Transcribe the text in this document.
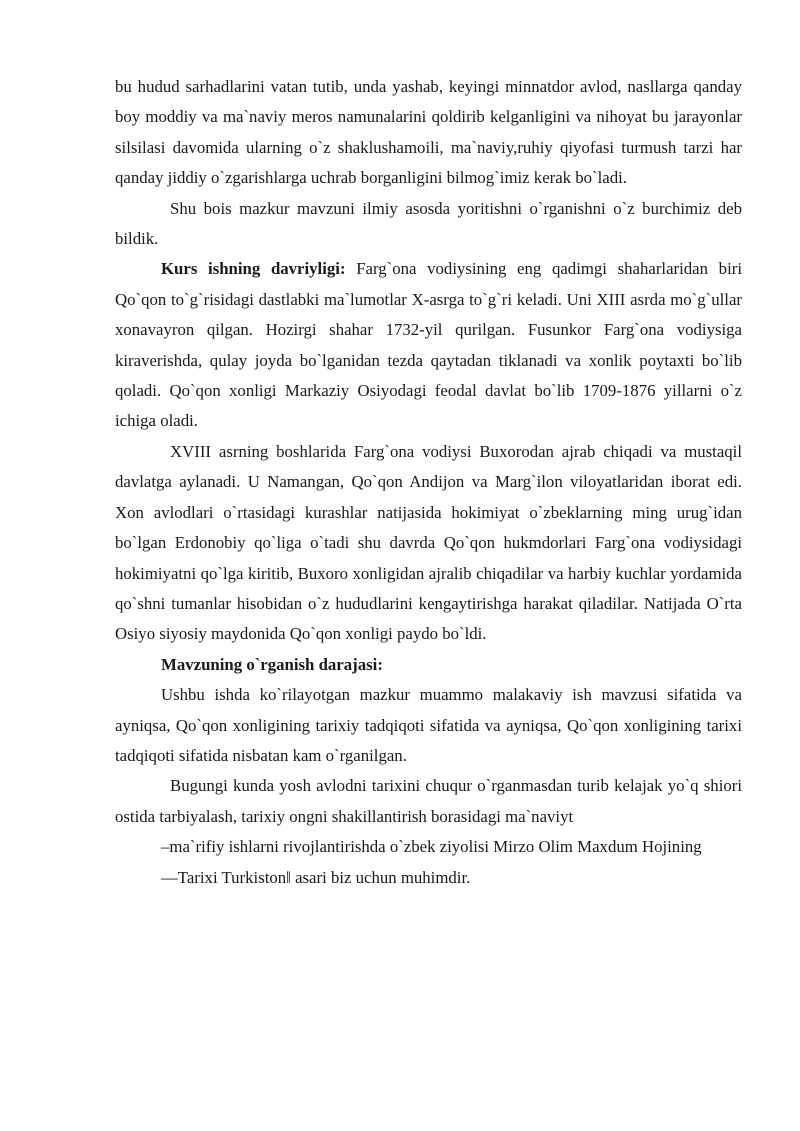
bu hudud sarhadlarini vatan tutib, unda yashab, keyingi minnatdor avlod, nasllarga qanday boy moddiy va ma`naviy meros namunalarini qoldirib kelganligini va nihoyat bu jarayonlar silsilasi davomida ularning o`z shaklushamoili, ma`naviy,ruhiy qiyofasi turmush tarzi har qanday jiddiy o`zgarishlarga uchrab borganligini bilmog`imiz kerak bo`ladi.

Shu bois mazkur mavzuni ilmiy asosda yoritishni o`rganishni o`z burchimiz deb bildik.

Kurs ishning davriyligi: Farg`ona vodiysining eng qadimgi shaharlaridan biri Qo`qon to`g`risidagi dastlabki ma`lumotlar X-asrga to`g`ri keladi. Uni XIII asrda mo`g`ullar xonavayron qilgan. Hozirgi shahar 1732-yil qurilgan. Fusunkor Farg`ona vodiysiga kiraverishda, qulay joyda bo`lganidan tezda qaytadan tiklanadi va xonlik poytaxti bo`lib qoladi. Qo`qon xonligi Markaziy Osiyodagi feodal davlat bo`lib 1709-1876 yillarni o`z ichiga oladi.

XVIII asrning boshlarida Farg`ona vodiysi Buxorodan ajrab chiqadi va mustaqil davlatga aylanadi. U Namangan, Qo`qon Andijon va Marg`ilon viloyatlaridan iborat edi. Xon avlodlari o`rtasidagi kurashlar natijasida hokimiyat o`zbeklarning ming urug`idan bo`lgan Erdonobiy qo`liga o`tadi shu davrda Qo`qon hukmdorlari Farg`ona vodiysidagi hokimiyatni qo`lga kiritib, Buxoro xonligidan ajralib chiqadilar va harbiy kuchlar yordamida qo`shni tumanlar hisobidan o`z hududlarini kengaytirishga harakat qiladilar. Natijada O`rta Osiyo siyosiy maydonida Qo`qon xonligi paydo bo`ldi.

Mavzuning o`rganish darajasi:

Ushbu ishda ko`rilayotgan mazkur muammo malakaviy ish mavzusi sifatida va ayniqsa, Qo`qon xonligining tarixiy tadqiqoti sifatida va ayniqsa, Qo`qon xonligining tarixi tadqiqoti sifatida nisbatan kam o`rganilgan.

Bugungi kunda yosh avlodni tarixini chuqur o`rganmasdan turib kelajak yo`q shiori ostida tarbiyalash, tarixiy ongni shakillantirish borasidagi ma`naviyt

–ma`rifiy ishlarni rivojlantirishda o`zbek ziyolisi Mirzo Olim Maxdum Hojining

―Tarixi Turkiston‖ asari biz uchun muhimdir.
